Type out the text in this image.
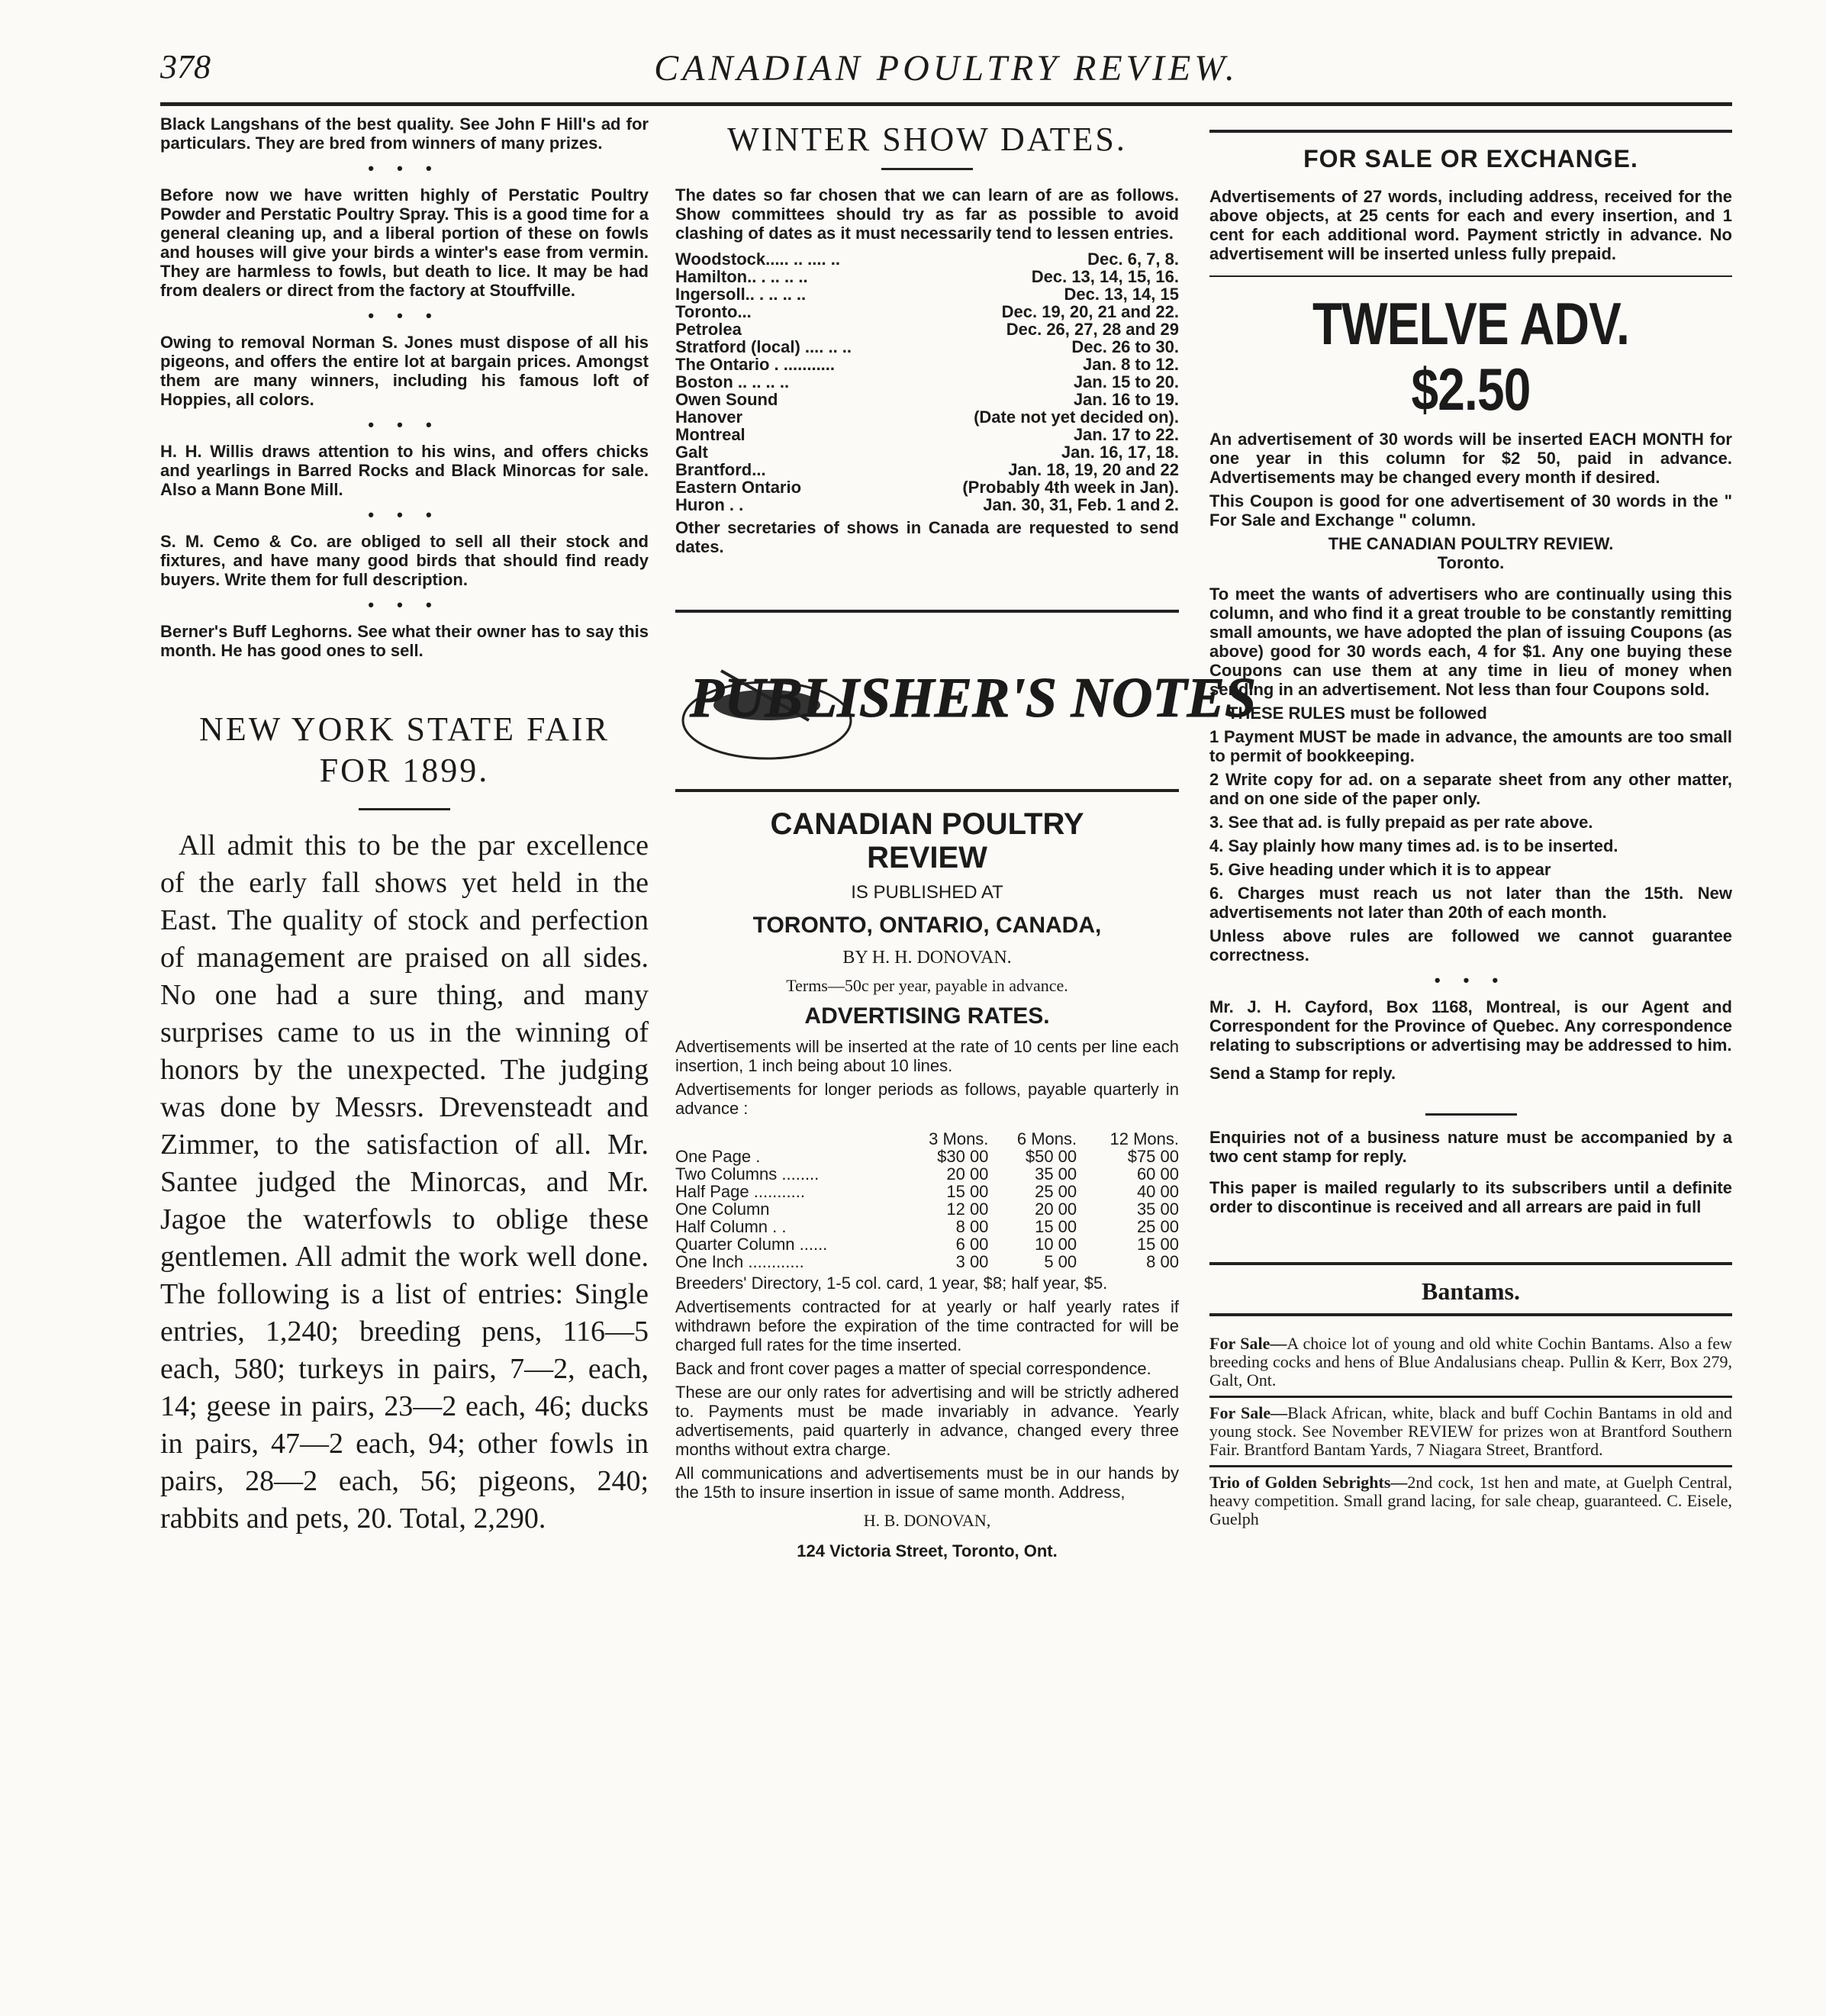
378	CANADIAN POULTRY REVIEW.

Black Langshans of the best quality. See John F Hill's ad for particulars. They are bred from winners of many prizes.

• • •

Before now we have written highly of Perstatic Poultry Powder and Perstatic Poultry Spray. This is a good time for a general cleaning up, and a liberal portion of these on fowls and houses will give your birds a winter's ease from vermin. They are harmless to fowls, but death to lice. It may be had from dealers or direct from the factory at Stouffville.

• • •

Owing to removal Norman S. Jones must dispose of all his pigeons, and offers the entire lot at bargain prices. Amongst them are many winners, including his famous loft of Hoppies, all colors.

• • •

H. H. Willis draws attention to his wins, and offers chicks and yearlings in Barred Rocks and Black Minorcas for sale. Also a Mann Bone Mill.

• • •

S. M. Cemo & Co. are obliged to sell all their stock and fixtures, and have many good birds that should find ready buyers. Write them for full description.

• • •

Berner's Buff Leghorns. See what their owner has to say this month. He has good ones to sell.

NEW YORK STATE FAIR
FOR 1899.
All admit this to be the par excellence of the early fall shows yet held in the East. The quality of stock and perfection of management are praised on all sides. No one had a sure thing, and many surprises came to us in the winning of honors by the unexpected. The judging was done by Messrs. Drevensteadt and Zimmer, to the satisfaction of all. Mr. Santee judged the Minorcas, and Mr. Jagoe the waterfowls to oblige these gentlemen. All admit the work well done. The following is a list of entries: Single entries, 1,240; breeding pens, 116—5 each, 580; turkeys in pairs, 7—2, each, 14; geese in pairs, 23—2 each, 46; ducks in pairs, 47—2 each, 94; other fowls in pairs, 28—2 each, 56; pigeons, 240; rabbits and pets, 20. Total, 2,290.
WINTER SHOW DATES.
The dates so far chosen that we can learn of are as follows. Show committees should try as far as possible to avoid clashing of dates as it must necessarily tend to lessen entries.
Woodstock..... .. .... ..	Dec. 6, 7, 8.
Hamilton.. . .. .. ..	Dec. 13, 14, 15, 16.
Ingersoll.. . .. .. ..	Dec. 13, 14, 15
Toronto...	Dec. 19, 20, 21 and 22.
Petrolea	Dec. 26, 27, 28 and 29
Stratford (local) .... .. ..	Dec. 26 to 30.
The Ontario . ...........	Jan. 8 to 12.
Boston .. .. .. ..	Jan. 15 to 20.
Owen Sound	Jan. 16 to 19.
Hanover	(Date not yet decided on).
Montreal	Jan. 17 to 22.
Galt	Jan. 16, 17, 18.
Brantford...	Jan. 18, 19, 20 and 22
Eastern Ontario	(Probably 4th week in Jan).
Huron . .	Jan. 30, 31, Feb. 1 and 2.
Other secretaries of shows in Canada are requested to send dates.
PUBLISHER'S NOTES
CANADIAN POULTRY
REVIEW
IS PUBLISHED AT
TORONTO, ONTARIO, CANADA,
BY H. H. DONOVAN.
Terms—50c per year, payable in advance.
ADVERTISING RATES.

Advertisements will be inserted at the rate of 10 cents per line each insertion, 1 inch being about 10 lines.

Advertisements for longer periods as follows, payable quarterly in advance :

	3 Mons.	6 Mons.	12 Mons.
One Page .	$30 00	$50 00	$75 00
Two Columns ........	20 00	35 00	60 00
Half Page ...........	15 00	25 00	40 00
One Column	12 00	20 00	35 00
Half Column . .	8 00	15 00	25 00
Quarter Column ......	6 00	10 00	15 00
One Inch ............	3 00	5 00	8 00

Breeders' Directory, 1-5 col. card, 1 year, $8; half year, $5.

Advertisements contracted for at yearly or half yearly rates if withdrawn before the expiration of the time contracted for will be charged full rates for the time inserted.

Back and front cover pages a matter of special correspondence.

These are our only rates for advertising and will be strictly adhered to. Payments must be made invariably in advance. Yearly advertisements, paid quarterly in advance, changed every three months without extra charge.

All communications and advertisements must be in our hands by the 15th to insure insertion in issue of same month. Address,

H. B. DONOVAN,
124 Victoria Street, Toronto, Ont.
FOR SALE OR EXCHANGE.
Advertisements of 27 words, including address, received for the above objects, at 25 cents for each and every insertion, and 1 cent for each additional word. Payment strictly in advance. No advertisement will be inserted unless fully prepaid.
TWELVE ADV. $2.50

An advertisement of 30 words will be inserted EACH MONTH for one year in this column for $2 50, paid in advance. Advertisements may be changed every month if desired.

This Coupon is good for one advertisement of 30 words in the " For Sale and Exchange " column.

THE CANADIAN POULTRY REVIEW.
Toronto.

To meet the wants of advertisers who are continually using this column, and who find it a great trouble to be constantly remitting small amounts, we have adopted the plan of issuing Coupons (as above) good for 30 words each, 4 for $1. Any one buying these Coupons can use them at any time in lieu of money when sending in an advertisement. Not less than four Coupons sold.

THESE RULES must be followed

1 Payment MUST be made in advance, the amounts are too small to permit of bookkeeping.

2 Write copy for ad. on a separate sheet from any other matter, and on one side of the paper only.

3. See that ad. is fully prepaid as per rate above.

4. Say plainly how many times ad. is to be inserted.

5. Give heading under which it is to appear

6. Charges must reach us not later than the 15th. New advertisements not later than 20th of each month.

Unless above rules are followed we cannot guarantee correctness.

• • •

Mr. J. H. Cayford, Box 1168, Montreal, is our Agent and Correspondent for the Province of Quebec. Any correspondence relating to subscriptions or advertising may be addressed to him.

Send a Stamp for reply.

Enquiries not of a business nature must be accompanied by a two cent stamp for reply.

This paper is mailed regularly to its subscribers until a definite order to discontinue is received and all arrears are paid in full

Bantams.
For Sale—A choice lot of young and old white Cochin Bantams. Also a few breeding cocks and hens of Blue Andalusians cheap. Pullin & Kerr, Box 279, Galt, Ont.
For Sale—Black African, white, black and buff Cochin Bantams in old and young stock. See November REVIEW for prizes won at Brantford Southern Fair. Brantford Bantam Yards, 7 Niagara Street, Brantford.
Trio of Golden Sebrights—2nd cock, 1st hen and mate, at Guelph Central, heavy competition. Small grand lacing, for sale cheap, guaranteed. C. Eisele, Guelph
